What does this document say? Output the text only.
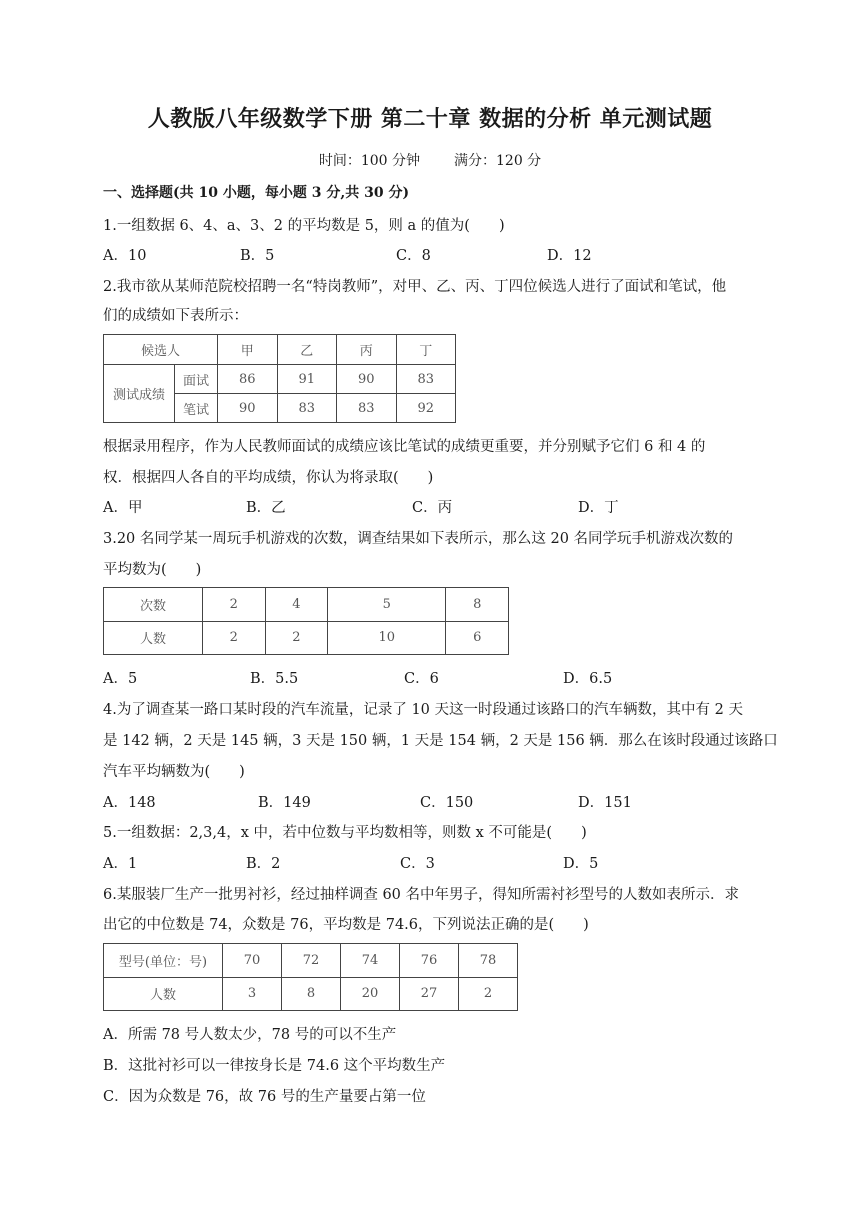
人教版八年级数学下册 第二十章 数据的分析 单元测试题
时间：100 分钟 满分：120 分
一、选择题(共 10 小题，每小题 3 分,共 30 分)
1.一组数据 6、4、a、3、2 的平均数是 5，则 a 的值为(　　)
A．10	B．5	C．8	D．12
2.我市欲从某师范院校招聘一名“特岗教师”，对甲、乙、丙、丁四位候选人进行了面试和笔试，他
们的成绩如下表所示：
候选人		甲	乙	丙	丁
测试成绩	面试	86	91	90	83
	笔试	90	83	83	92
根据录用程序，作为人民教师面试的成绩应该比笔试的成绩更重要，并分别赋予它们 6 和 4 的
权．根据四人各自的平均成绩，你认为将录取(　　)
A．甲	B．乙	C．丙	D．丁
3.20 名同学某一周玩手机游戏的次数，调查结果如下表所示，那么这 20 名同学玩手机游戏次数的
平均数为(　　)
次数	2	4	5	8
人数	2	2	10	6
A．5	B．5.5	C．6	D．6.5
4.为了调查某一路口某时段的汽车流量，记录了 10 天这一时段通过该路口的汽车辆数，其中有 2 天
是 142 辆，2 天是 145 辆，3 天是 150 辆，1 天是 154 辆，2 天是 156 辆．那么在该时段通过该路口
汽车平均辆数为(　　)
A．148	B．149	C．150	D．151
5.一组数据：2,3,4，x 中，若中位数与平均数相等，则数 x 不可能是(　　)
A．1	B．2	C．3	D．5
6.某服装厂生产一批男衬衫，经过抽样调查 60 名中年男子，得知所需衬衫型号的人数如表所示．求
出它的中位数是 74，众数是 76，平均数是 74.6，下列说法正确的是(　　)
型号(单位：号)	70	72	74	76	78
人数	3	8	20	27	2
A．所需 78 号人数太少，78 号的可以不生产
B．这批衬衫可以一律按身长是 74.6 这个平均数生产
C．因为众数是 76，故 76 号的生产量要占第一位
